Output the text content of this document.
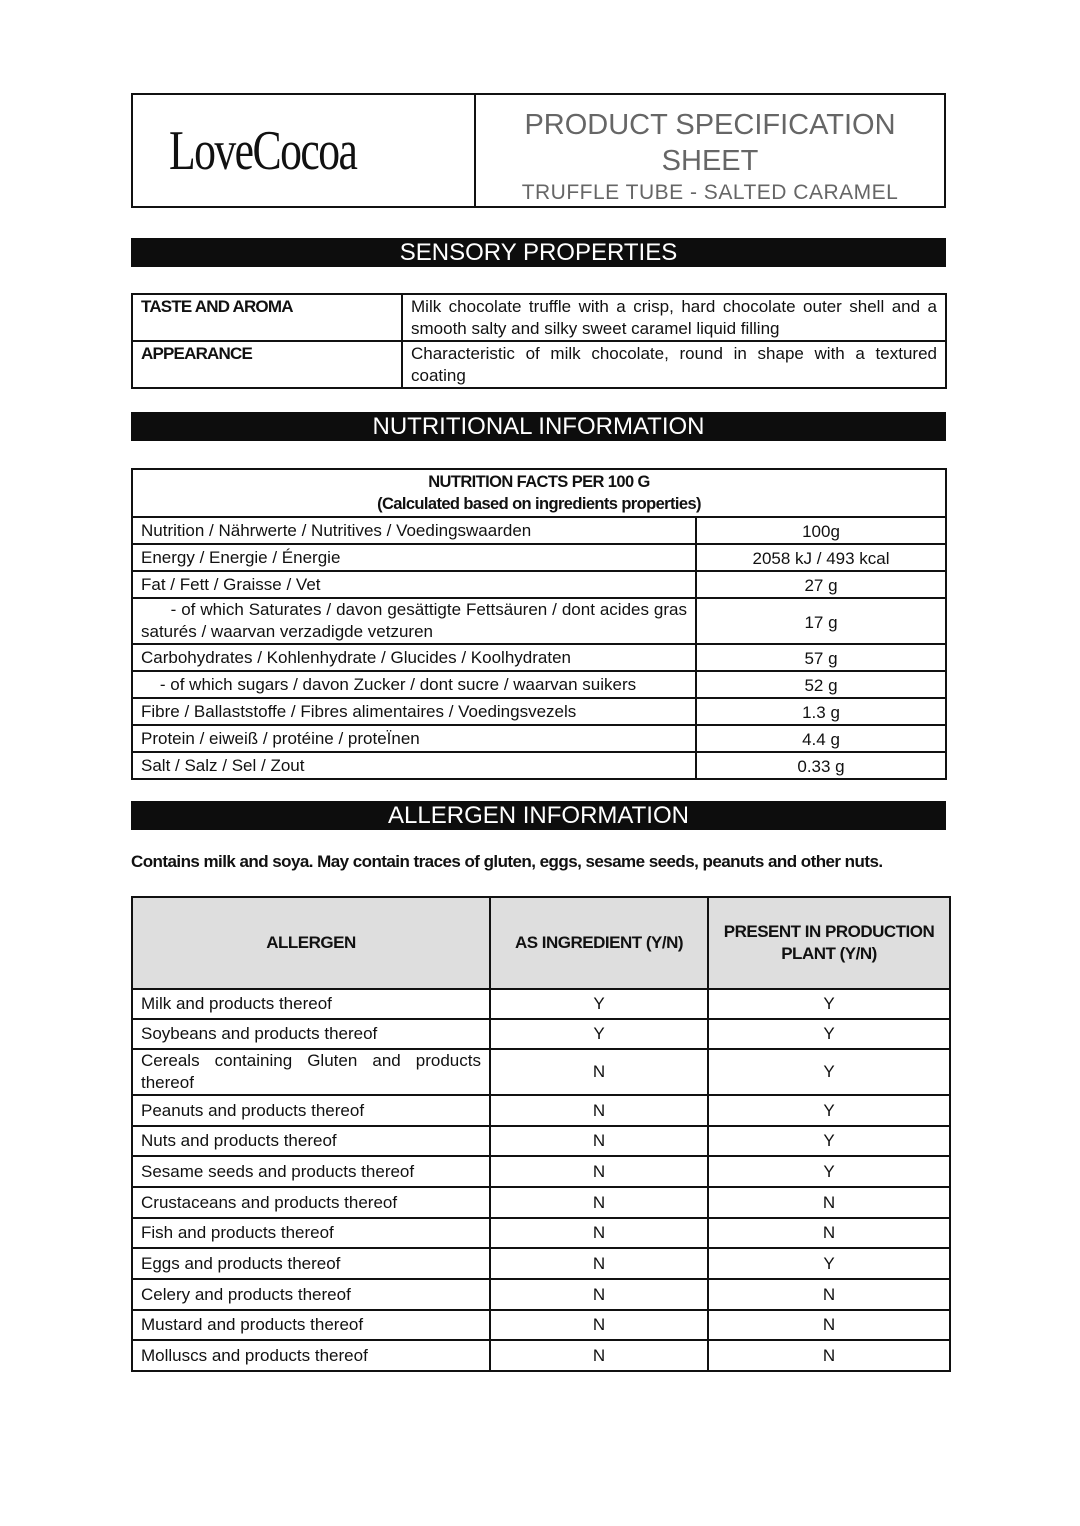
LoveCocoa	PRODUCT SPECIFICATION SHEET
TRUFFLE TUBE - SALTED CARAMEL
SENSORY PROPERTIES
TASTE AND AROMA	Milk chocolate truffle with a crisp, hard chocolate outer shell and a smooth salty and silky sweet caramel liquid filling
APPEARANCE	Characteristic of milk chocolate, round in shape with a textured coating
NUTRITIONAL INFORMATION
NUTRITION FACTS PER 100 G
(Calculated based on ingredients properties)	

Nutrition / Nährwerte / Nutritives / Voedingswaarden	100g
Energy / Energie / Énergie	2058 kJ / 493 kcal
Fat / Fett / Graisse / Vet	27 g
- of which Saturates / davon gesättigte Fettsäuren / dont acides gras saturés / waarvan verzadigde vetzuren	17 g
Carbohydrates / Kohlenhydrate / Glucides / Koolhydraten	57 g
- of which sugars / davon Zucker / dont sucre / waarvan suikers	52 g
Fibre / Ballaststoffe / Fibres alimentaires / Voedingsvezels	1.3 g
Protein / eiweiß / protéine / proteÏnen	4.4 g
Salt / Salz / Sel / Zout	0.33 g
ALLERGEN INFORMATION
Contains milk and soya. May contain traces of gluten, eggs, sesame seeds, peanuts and other nuts.
ALLERGEN	AS INGREDIENT (Y/N)	PRESENT IN PRODUCTION PLANT (Y/N)
Milk and products thereof	Y	Y
Soybeans and products thereof	Y	Y
Cereals containing Gluten and products thereof	N	Y
Peanuts and products thereof	N	Y
Nuts and products thereof	N	Y
Sesame seeds and products thereof	N	Y
Crustaceans and products thereof	N	N
Fish and products thereof	N	N
Eggs and products thereof	N	Y
Celery and products thereof	N	N
Mustard and products thereof	N	N
Molluscs and products thereof	N	N
